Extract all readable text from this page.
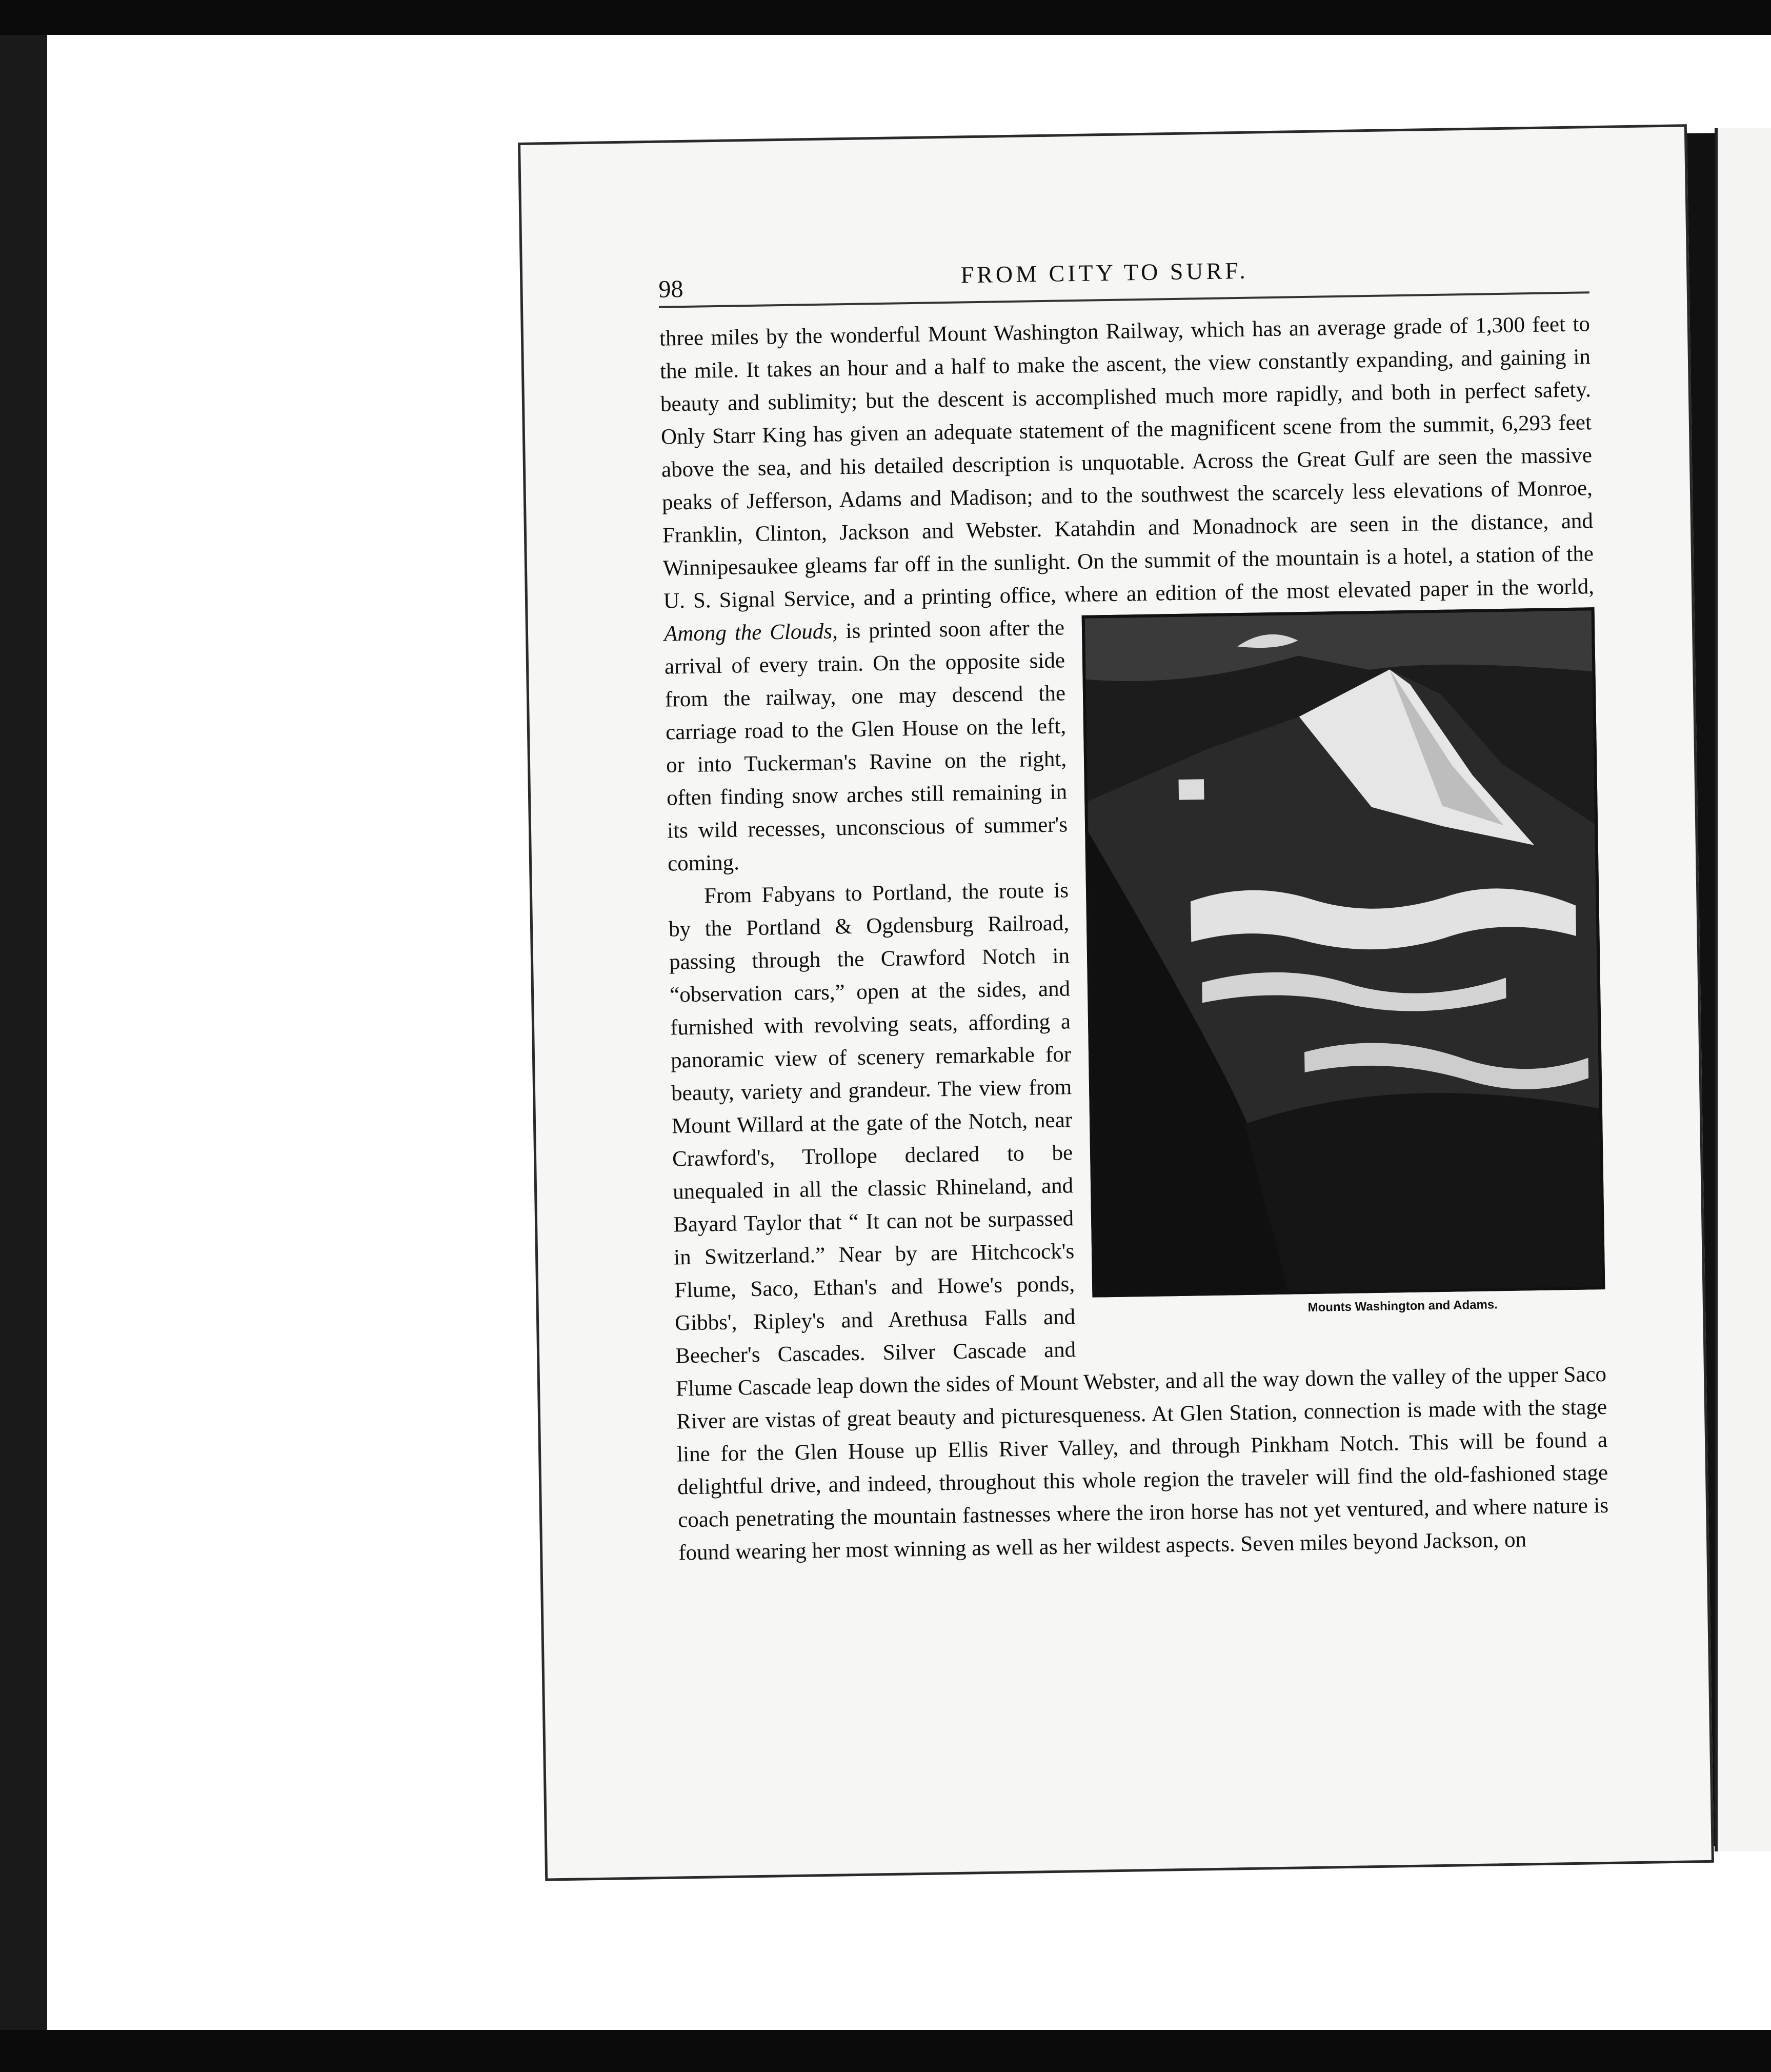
98
FROM CITY TO SURF.

three miles by the wonderful Mount Washington Railway, which has an average grade of 1,300 feet to the mile. It takes an hour and a half to make the ascent, the view constantly expanding, and gaining in beauty and sublimity; but the descent is accomplished much more rapidly, and both in perfect safety. Only Starr King has given an adequate statement of the magnificent scene from the summit, 6,293 feet above the sea, and his detailed description is unquotable. Across the Great Gulf are seen the massive peaks of Jefferson, Adams and Madison; and to the southwest the scarcely less elevations of Monroe, Franklin, Clinton, Jackson and Webster. Katahdin and Monadnock are seen in the distance, and Winnipesaukee gleams far off in the sunlight. On the summit of the mountain is a hotel, a station of the U. S. Signal Service, and a printing office, where an edition of the most elevated paper in the world,
Mounts Washington and Adams.
Among the Clouds, is printed soon after the arrival of every train. On the opposite side from the railway, one may descend the carriage road to the Glen House on the left, or into Tuckerman's Ravine on the right, often finding snow arches still remaining in its wild recesses, unconscious of summer's coming.

From Fabyans to Portland, the route is by the Portland & Ogdensburg Railroad, passing through the Crawford Notch in “observation cars,” open at the sides, and furnished with revolving seats, affording a panoramic view of scenery remarkable for beauty, variety and grandeur. The view from Mount Willard at the gate of the Notch, near Crawford's, Trollope declared to be unequaled in all the classic Rhineland, and Bayard Taylor that “ It can not be surpassed in Switzerland.” Near by are Hitchcock's Flume, Saco, Ethan's and Howe's ponds, Gibbs', Ripley's and Arethusa Falls and Beecher's Cascades. Silver Cascade and Flume Cascade leap down the sides of Mount Webster, and all the way down the valley of the upper Saco River are vistas of great beauty and picturesqueness. At Glen Station, connection is made with the stage line for the Glen House up Ellis River Valley, and through Pinkham Notch. This will be found a delightful drive, and indeed, throughout this whole region the traveler will find the old-fashioned stage coach penetrating the mountain fastnesses where the iron horse has not yet ventured, and where nature is found wearing her most winning as well as her wildest aspects. Seven miles beyond Jackson, on
